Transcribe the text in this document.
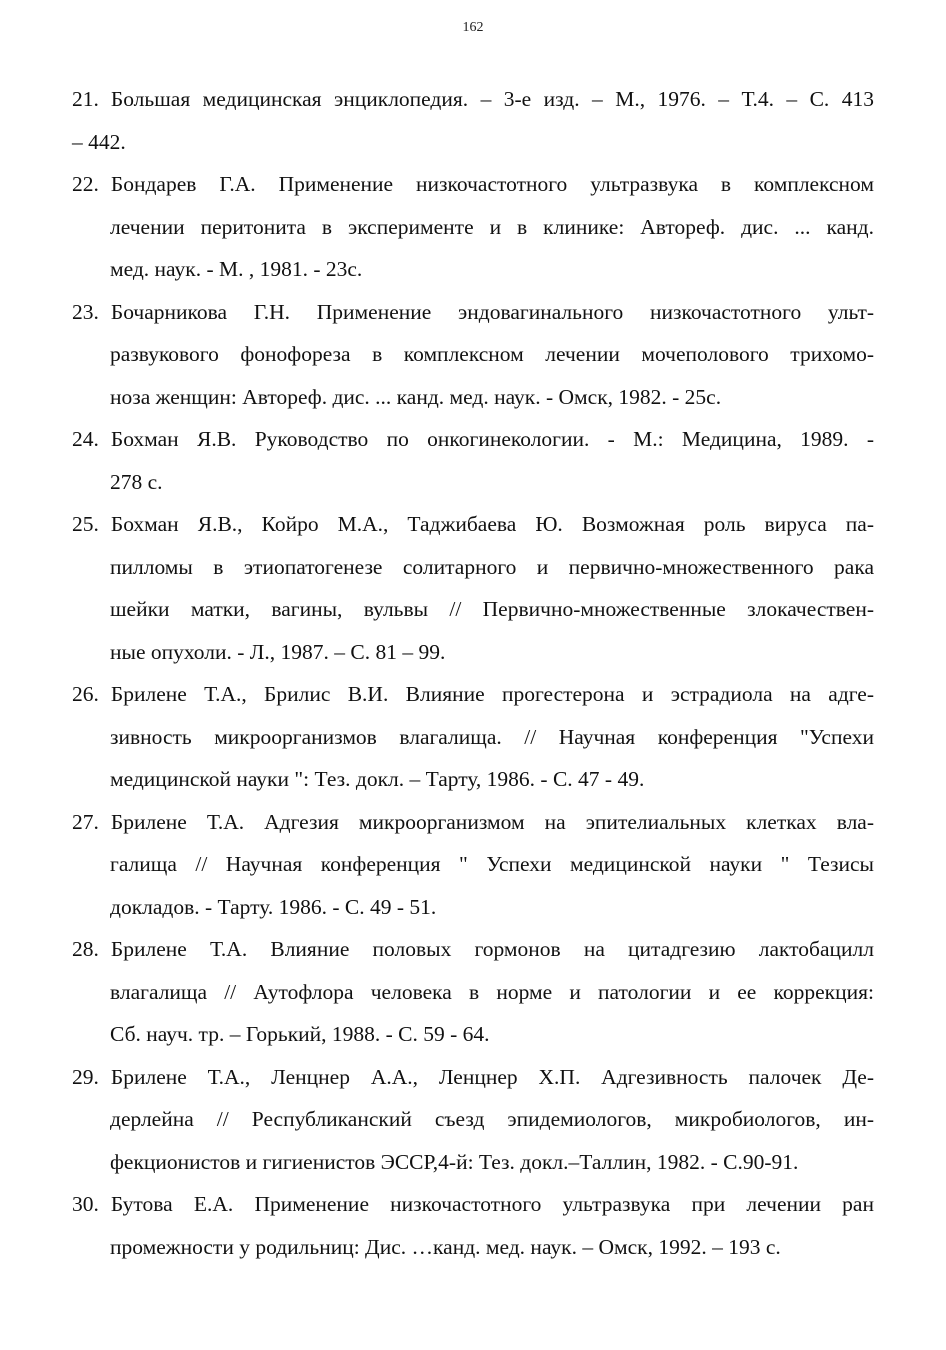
162
21. Большая медицинская энциклопедия. – 3-е изд. – М., 1976. – Т.4. – С. 413
– 442.
22. Бондарев Г.А. Применение низкочастотного ультразвука в комплексном
лечении перитонита в эксперименте и в клинике: Автореф. дис. ... канд.
мед. наук. - М. , 1981. - 23с.
23. Бочарникова Г.Н. Применение эндовагинального низкочастотного ульт-
развукового фонофореза в комплексном лечении мочеполового трихомо-
ноза женщин: Автореф. дис. ... канд. мед. наук. - Омск, 1982. - 25с.
24. Бохман Я.В. Руководство по онкогинекологии. - М.: Медицина, 1989. -
278 с.
25. Бохман Я.В., Койро М.А., Таджибаева Ю. Возможная роль вируса па-
пилломы в этиопатогенезе солитарного и первично-множественного рака
шейки матки, вагины, вульвы // Первично-множественные злокачествен-
ные опухоли. - Л., 1987. – С. 81 – 99.
26. Брилене Т.А., Брилис В.И. Влияние прогестерона и эстрадиола на адге-
зивность микроорганизмов влагалища. // Научная конференция "Успехи
медицинской науки ": Тез. докл. – Тарту, 1986. - С. 47 - 49.
27. Брилене Т.А. Адгезия микроорганизмом на эпителиальных клетках вла-
галища // Научная конференция " Успехи медицинской науки " Тезисы
докладов. - Тарту. 1986. - С. 49 - 51.
28. Брилене Т.А. Влияние половых гормонов на цитадгезию лактобацилл
влагалища // Аутофлора человека в норме и патологии и ее коррекция:
Сб. науч. тр. – Горький, 1988. - С. 59 - 64.
29. Брилене Т.А., Ленцнер А.А., Ленцнер Х.П. Адгезивность палочек Де-
дерлейна // Республиканский съезд эпидемиологов, микробиологов, ин-
фекционистов и гигиенистов ЭССР,4-й: Тез. докл.–Таллин, 1982. - С.90-91.
30. Бутова Е.А. Применение низкочастотного ультразвука при лечении ран
промежности у родильниц: Дис. …канд. мед. наук. – Омск, 1992. – 193 с.
